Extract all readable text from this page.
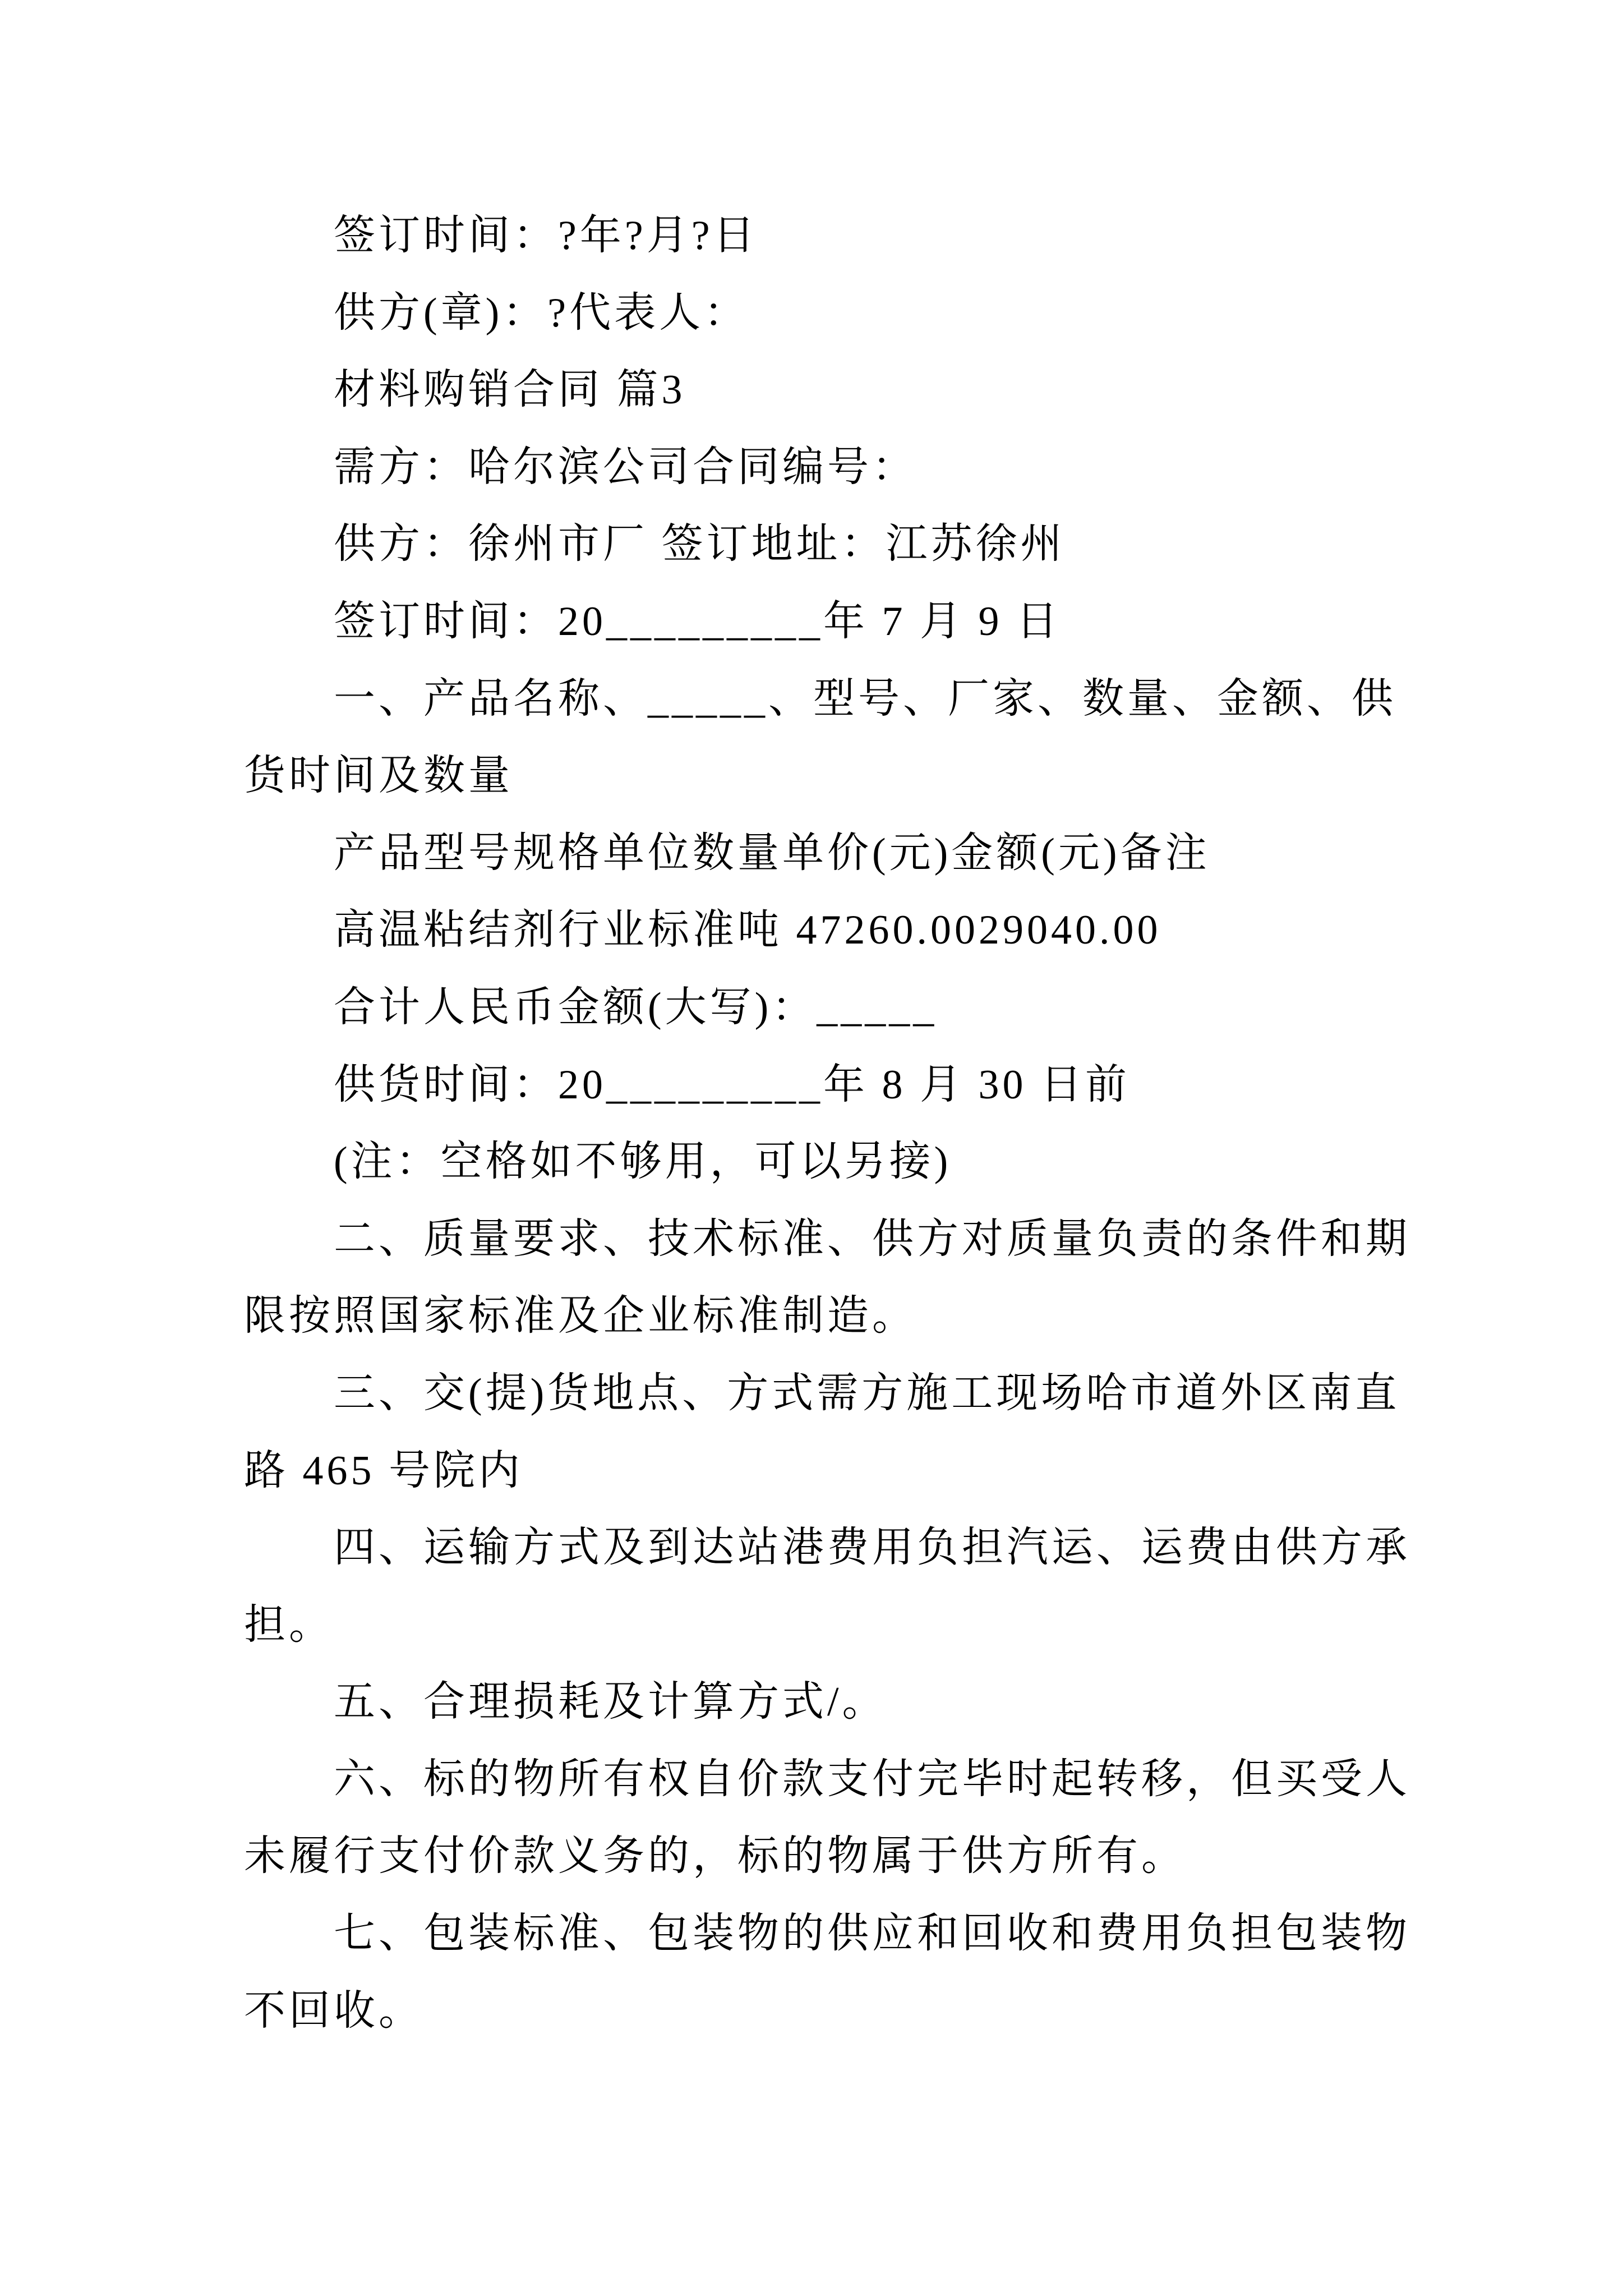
签订时间：?年?月?日
供方(章)：?代表人：
材料购销合同 篇3
需方：哈尔滨公司合同编号：
供方：徐州市厂 签订地址：江苏徐州
签订时间：20_________年 7 月 9 日
一、产品名称、_____、型号、厂家、数量、金额、供
货时间及数量
产品型号规格单位数量单价(元)金额(元)备注
高温粘结剂行业标准吨 47260.0029040.00
合计人民币金额(大写)：_____
供货时间：20_________年 8 月 30 日前
(注：空格如不够用，可以另接)
二、质量要求、技术标准、供方对质量负责的条件和期
限按照国家标准及企业标准制造。
三、交(提)货地点、方式需方施工现场哈市道外区南直
路 465 号院内
四、运输方式及到达站港费用负担汽运、运费由供方承
担。
五、合理损耗及计算方式/。
六、标的物所有权自价款支付完毕时起转移，但买受人
未履行支付价款义务的，标的物属于供方所有。
七、包装标准、包装物的供应和回收和费用负担包装物
不回收。
